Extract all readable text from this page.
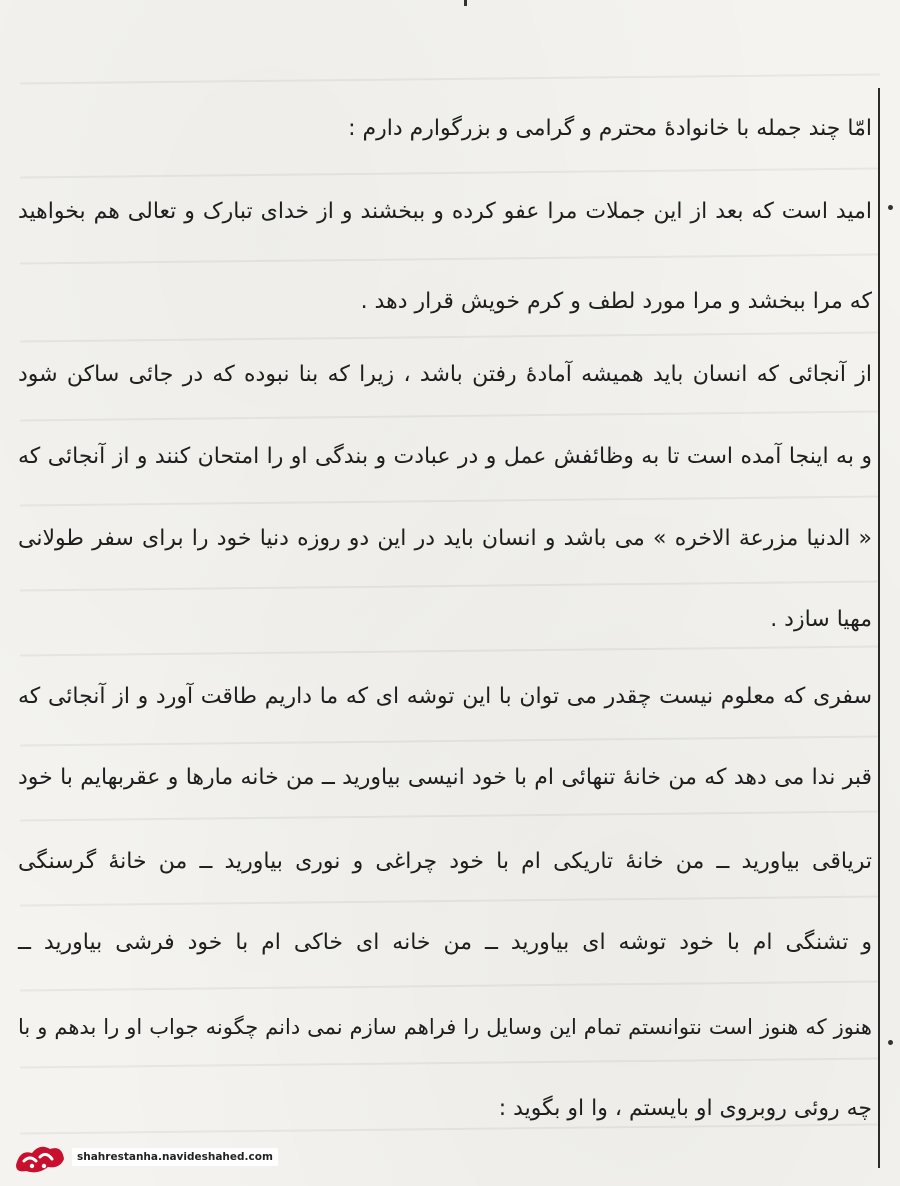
امّا چند جمله با خانوادهٔ محترم و گرامی و بزرگوارم دارم :
امید است که بعد از این جملات مرا عفو کرده و ببخشند و از خدای تبارک و تعالی هم بخواهید
که مرا ببخشد و مرا مورد لطف و کرم خویش قرار دهد .
از آنجائی که انسان باید همیشه آمادهٔ رفتن باشد ، زیرا که بنا نبوده که در جائی ساکن شود
و به اینجا آمده است تا به وظائفش عمل و در عبادت و بندگی او را امتحان کنند و از آنجائی که
« الدنیا مزرعة الاخره » می باشد و انسان باید در این دو روزه دنیا خود را برای سفر طولانی
مهیا سازد .
سفری که معلوم نیست چقدر می توان با این توشه ای که ما داریم طاقت آورد و از آنجائی که
قبر ندا می دهد که من خانهٔ تنهائی ام با خود انیسی بیاورید ــ من خانه مارها و عقربهایم با خود
تریاقی بیاورید ــ من خانهٔ تاریکی ام با خود چراغی و نوری بیاورید ــ من خانهٔ گرسنگی
و تشنگی ام با خود توشه ای بیاورید ــ من خانه ای خاکی ام با خود فرشی بیاورید ــ
هنوز که هنوز است نتوانستم تمام این وسایل را فراهم سازم نمی دانم چگونه جواب او را بدهم و با
چه روئی روبروی او بایستم ، وا او بگوید :
shahrestanha.navideshahed.com
